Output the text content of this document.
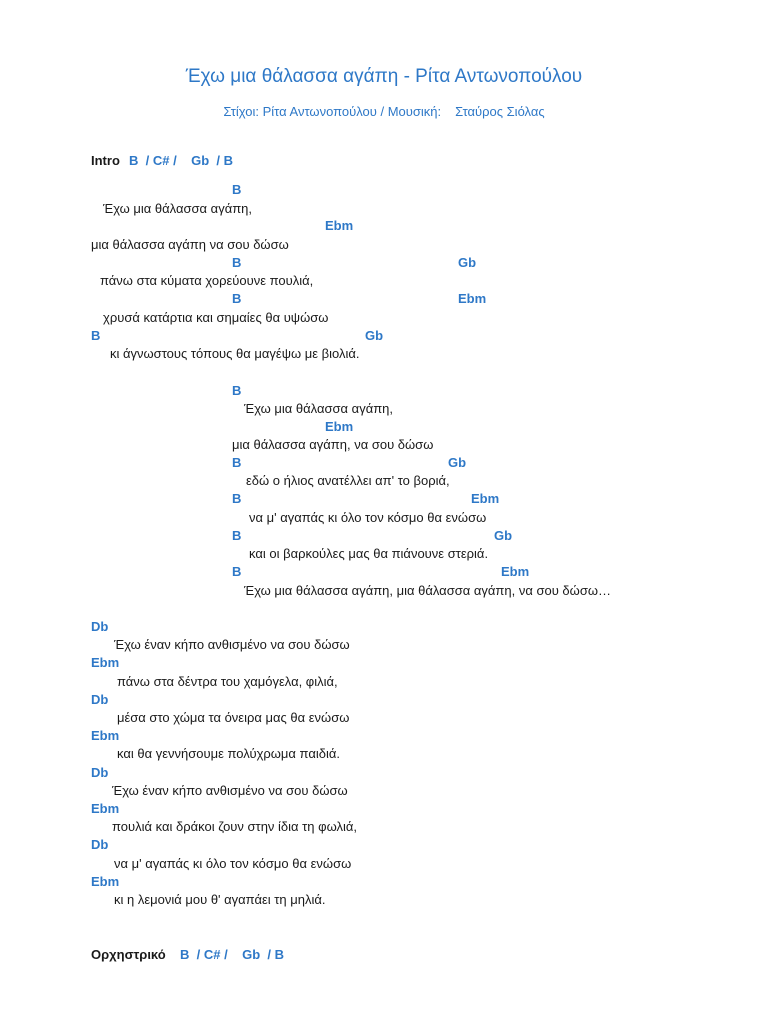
Έχω μια θάλασσα αγάπη - Ρίτα Αντωνοπούλου
Στίχοι: Ρίτα Αντωνοπούλου / Μουσική: Σταύρος Σιόλας
Intro B  / C# /    Gb  / B
B
Έχω μια θάλασσα αγάπη,
Ebm
μια θάλασσα αγάπη να σου δώσω
B	Gb
πάνω στα κύματα χορεύουνε πουλιά,
B	Ebm
χρυσά κατάρτια και σημαίες θα υψώσω
B	Gb
κι άγνωστους τόπους θα μαγέψω με βιολιά.
B
Έχω μια θάλασσα αγάπη,
Ebm
μια θάλασσα αγάπη, να σου δώσω
B	Gb
εδώ ο ήλιος ανατέλλει απ' το βοριά,
B	Ebm
να μ' αγαπάς κι όλο τον κόσμο θα ενώσω
B	Gb
και οι βαρκούλες μας θα πιάνουνε στεριά.
B	Ebm
Έχω μια θάλασσα αγάπη, μια θάλασσα αγάπη, να σου δώσω…
Db
Έχω έναν κήπο ανθισμένο να σου δώσω
Ebm
πάνω στα δέντρα του χαμόγελα, φιλιά,
Db
μέσα στο χώμα τα όνειρα μας θα ενώσω
Ebm
και θα γεννήσουμε πολύχρωμα παιδιά.
Db
Έχω έναν κήπο ανθισμένο να σου δώσω
Ebm
πουλιά και δράκοι ζουν στην ίδια τη φωλιά,
Db
να μ' αγαπάς κι όλο τον κόσμο θα ενώσω
Ebm
κι η λεμονιά μου θ' αγαπάει τη μηλιά.
Ορχηστρικό B  / C# /    Gb  / B
